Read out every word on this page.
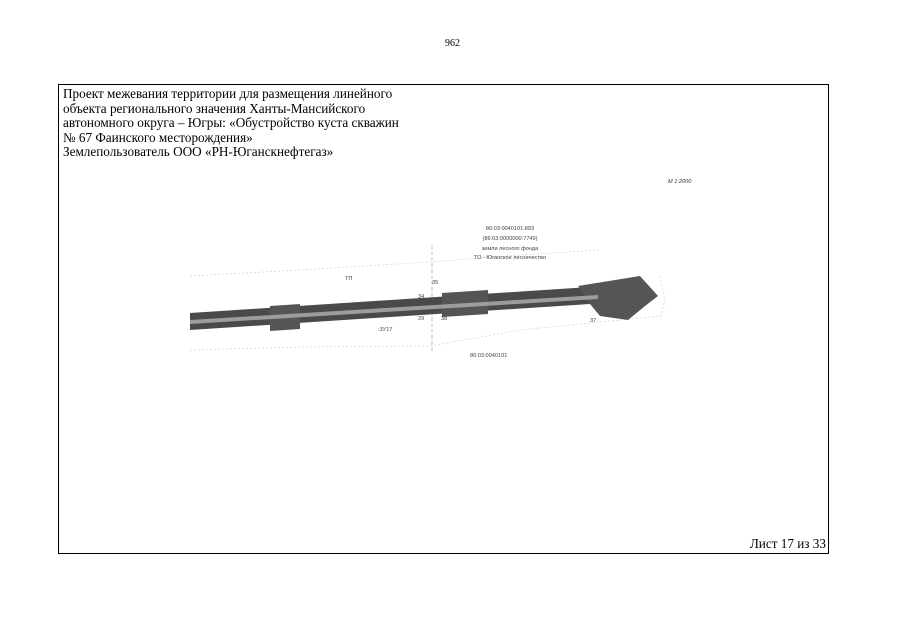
962
Проект межевания территории для размещения линейного
объекта регионального значения Ханты-Мансийского
автономного округа – Югры: «Обустройство куста скважин
№ 67 Фаинского месторождения»
Землепользователь ООО «РН-Юганскнефтегаз»
Лист 17 из 33
М 1:2000
86:03:0040101:893
(86:03:0000000:7749)
земли лесного фонда
ТО - Юганское лесничество
35
34
29	38	37
:3У17
ТП
86:03:0040101
